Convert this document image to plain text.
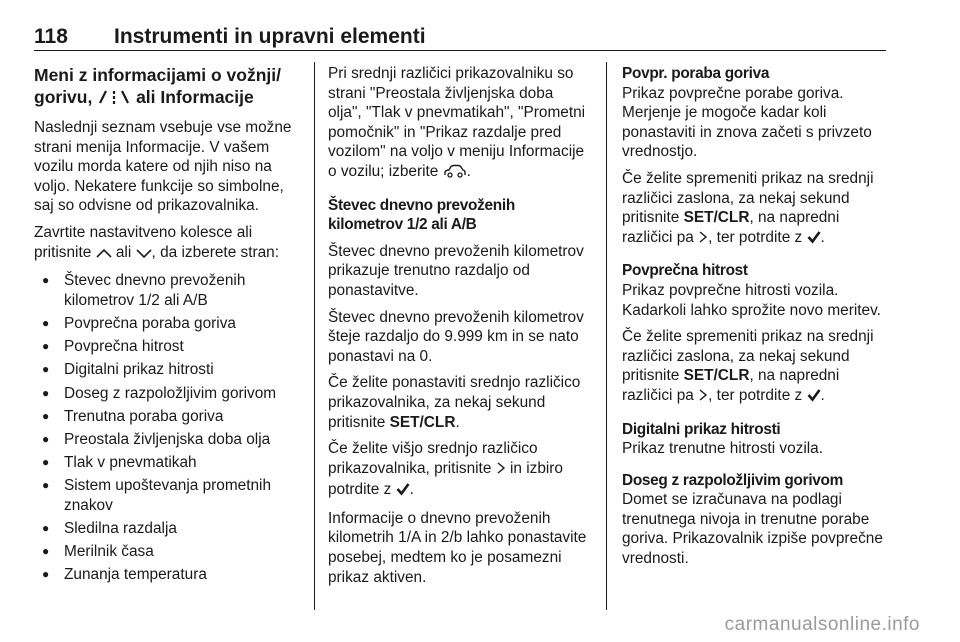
118 Instrumenti in upravni elementi
Meni z informacijami o vožnji/ gorivu,  ali Informacije

Naslednji seznam vsebuje vse možne strani menija Informacije. V vašem vozilu morda katere od njih niso na voljo. Nekatere funkcije so simbolne, saj so odvisne od prikazovalnika.

Zavrtite nastavitveno kolesce ali pritisnite  ali , da izberete stran:

● Števec dnevno prevoženih kilometrov 1/2 ali A/B
● Povprečna poraba goriva
● Povprečna hitrost
● Digitalni prikaz hitrosti
● Doseg z razpoložljivim gorivom
● Trenutna poraba goriva
● Preostala življenjska doba olja
● Tlak v pnevmatikah
● Sistem upoštevanja prometnih znakov
● Sledilna razdalja
● Merilnik časa
● Zunanja temperatura

Pri srednji različici prikazovalniku so strani "Preostala življenjska doba olja", "Tlak v pnevmatikah", "Prometni pomočnik" in "Prikaz razdalje pred vozilom" na voljo v meniju Informacije o vozilu; izberite .

Števec dnevno prevoženih kilometrov 1/2 ali A/B

Števec dnevno prevoženih kilometrov prikazuje trenutno razdaljo od ponastavitve.

Števec dnevno prevoženih kilometrov šteje razdaljo do 9.999 km in se nato ponastavi na 0.

Če želite ponastaviti srednjo različico prikazovalnika, za nekaj sekund pritisnite SET/CLR.

Če želite višjo srednjo različico prikazovalnika, pritisnite  in izbiro potrdite z .

Informacije o dnevno prevoženih kilometrih 1/A in 2/b lahko ponastavite posebej, medtem ko je posamezni prikaz aktiven.

Povpr. poraba goriva

Prikaz povprečne porabe goriva. Merjenje je mogoče kadar koli ponastaviti in znova začeti s privzeto vrednostjo.

Če želite spremeniti prikaz na srednji različici zaslona, za nekaj sekund pritisnite SET/CLR, na napredni različici pa , ter potrdite z .

Povprečna hitrost

Prikaz povprečne hitrosti vozila. Kadarkoli lahko sprožite novo meritev.

Če želite spremeniti prikaz na srednji različici zaslona, za nekaj sekund pritisnite SET/CLR, na napredni različici pa , ter potrdite z .

Digitalni prikaz hitrosti

Prikaz trenutne hitrosti vozila.

Doseg z razpoložljivim gorivom

Domet se izračunava na podlagi trenutnega nivoja in trenutne porabe goriva. Prikazovalnik izpiše povprečne vrednosti.

carmanualsonline.info
